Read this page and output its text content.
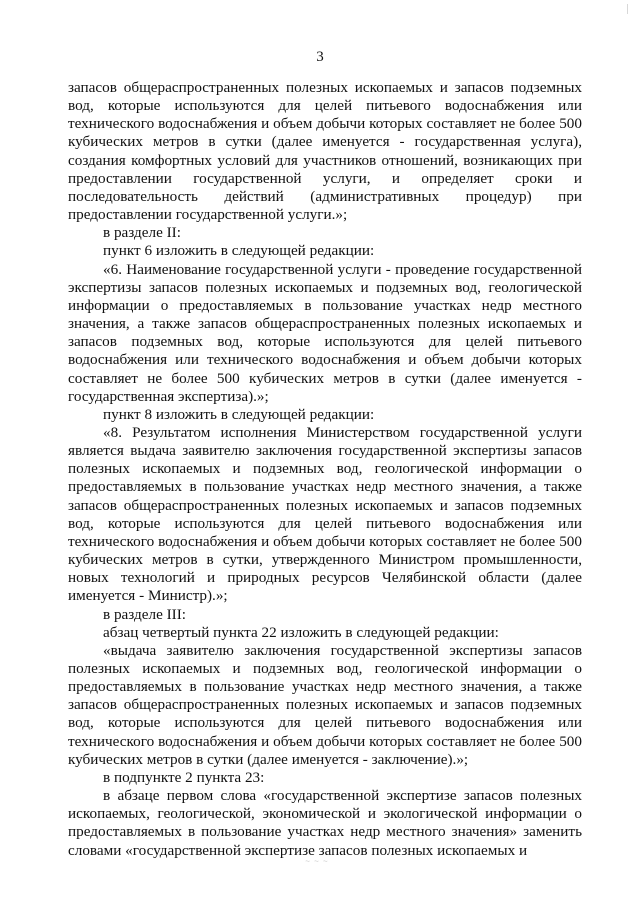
3

запасов общераспространенных полезных ископаемых и запасов подземных вод, которые используются для целей питьевого водоснабжения или технического водоснабжения и объем добычи которых составляет не более 500 кубических метров в сутки (далее именуется - государственная услуга), создания комфортных условий для участников отношений, возникающих при предоставлении государственной услуги, и определяет сроки и последовательность действий (административных процедур) при предоставлении государственной услуги.»;

в разделе II:

пункт 6 изложить в следующей редакции:

«6. Наименование государственной услуги - проведение государственной экспертизы запасов полезных ископаемых и подземных вод, геологической информации о предоставляемых в пользование участках недр местного значения, а также запасов общераспространенных полезных ископаемых и запасов подземных вод, которые используются для целей питьевого водоснабжения или технического водоснабжения и объем добычи которых составляет не более 500 кубических метров в сутки (далее именуется - государственная экспертиза).»;

пункт 8 изложить в следующей редакции:

«8. Результатом исполнения Министерством государственной услуги является выдача заявителю заключения государственной экспертизы запасов полезных ископаемых и подземных вод, геологической информации о предоставляемых в пользование участках недр местного значения, а также запасов общераспространенных полезных ископаемых и запасов подземных вод, которые используются для целей питьевого водоснабжения или технического водоснабжения и объем добычи которых составляет не более 500 кубических метров в сутки, утвержденного Министром промышленности, новых технологий и природных ресурсов Челябинской области (далее именуется - Министр).»;

в разделе III:

абзац четвертый пункта 22 изложить в следующей редакции:

«выдача заявителю заключения государственной экспертизы запасов полезных ископаемых и подземных вод, геологической информации о предоставляемых в пользование участках недр местного значения, а также запасов общераспространенных полезных ископаемых и запасов подземных вод, которые используются для целей питьевого водоснабжения или технического водоснабжения и объем добычи которых составляет не более 500 кубических метров в сутки (далее именуется - заключение).»;

в подпункте 2 пункта 23:

в абзаце первом слова «государственной экспертизе запасов полезных ископаемых, геологической, экономической и экологической информации о предоставляемых в пользование участках недр местного значения» заменить словами «государственной экспертизе запасов полезных ископаемых и

~ ~ ~
